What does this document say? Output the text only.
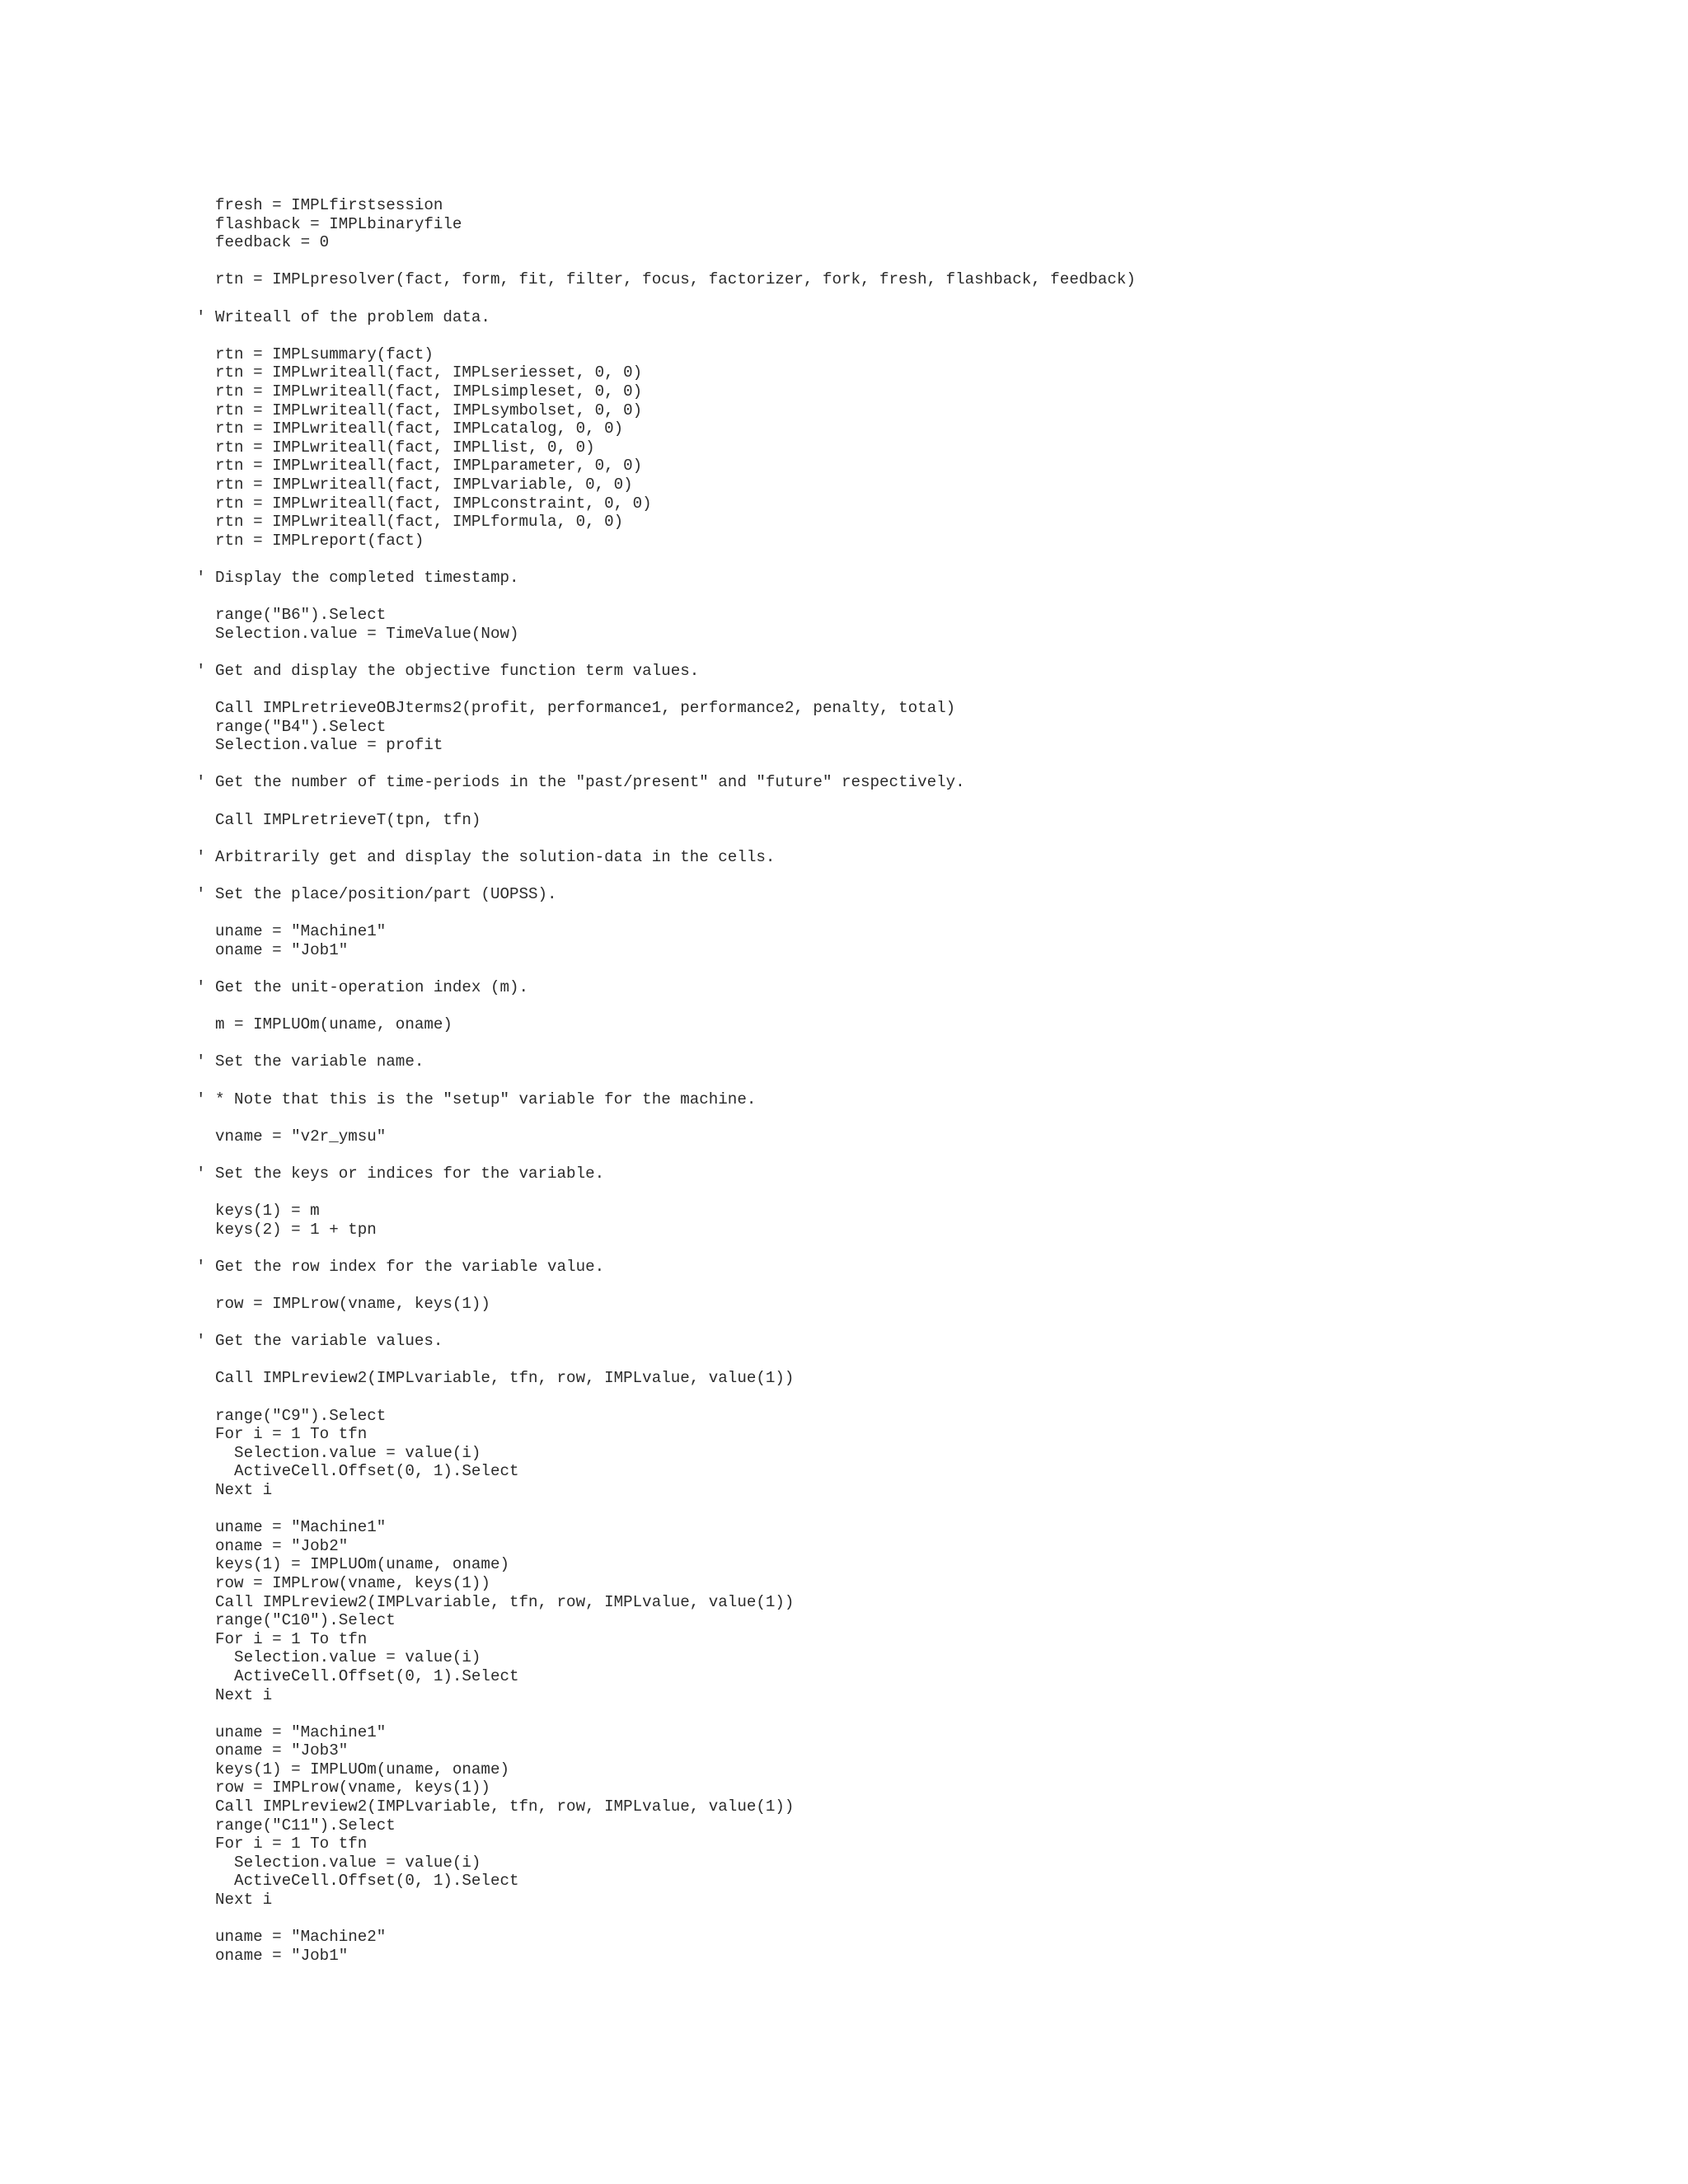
fresh = IMPLfirstsession
flashback = IMPLbinaryfile
feedback = 0
rtn = IMPLpresolver(fact, form, fit, filter, focus, factorizer, fork, fresh, flashback, feedback)
' Writeall of the problem data.
rtn = IMPLsummary(fact)
rtn = IMPLwriteall(fact, IMPLseriesset, 0, 0)
rtn = IMPLwriteall(fact, IMPLsimpleset, 0, 0)
rtn = IMPLwriteall(fact, IMPLsymbolset, 0, 0)
rtn = IMPLwriteall(fact, IMPLcatalog, 0, 0)
rtn = IMPLwriteall(fact, IMPLlist, 0, 0)
rtn = IMPLwriteall(fact, IMPLparameter, 0, 0)
rtn = IMPLwriteall(fact, IMPLvariable, 0, 0)
rtn = IMPLwriteall(fact, IMPLconstraint, 0, 0)
rtn = IMPLwriteall(fact, IMPLformula, 0, 0)
rtn = IMPLreport(fact)
' Display the completed timestamp.
range("B6").Select
Selection.value = TimeValue(Now)
' Get and display the objective function term values.
Call IMPLretrieveOBJterms2(profit, performance1, performance2, penalty, total)
range("B4").Select
Selection.value = profit
' Get the number of time-periods in the "past/present" and "future" respectively.
Call IMPLretrieveT(tpn, tfn)
' Arbitrarily get and display the solution-data in the cells.
' Set the place/position/part (UOPSS).
uname = "Machine1"
oname = "Job1"
' Get the unit-operation index (m).
m = IMPLUOm(uname, oname)
' Set the variable name.
' * Note that this is the "setup" variable for the machine.
vname = "v2r_ymsu"
' Set the keys or indices for the variable.
keys(1) = m
keys(2) = 1 + tpn
' Get the row index for the variable value.
row = IMPLrow(vname, keys(1))
' Get the variable values.
Call IMPLreview2(IMPLvariable, tfn, row, IMPLvalue, value(1))
range("C9").Select
For i = 1 To tfn
Selection.value = value(i)
ActiveCell.Offset(0, 1).Select
Next i
uname = "Machine1"
oname = "Job2"
keys(1) = IMPLUOm(uname, oname)
row = IMPLrow(vname, keys(1))
Call IMPLreview2(IMPLvariable, tfn, row, IMPLvalue, value(1))
range("C10").Select
For i = 1 To tfn
Selection.value = value(i)
ActiveCell.Offset(0, 1).Select
Next i
uname = "Machine1"
oname = "Job3"
keys(1) = IMPLUOm(uname, oname)
row = IMPLrow(vname, keys(1))
Call IMPLreview2(IMPLvariable, tfn, row, IMPLvalue, value(1))
range("C11").Select
For i = 1 To tfn
Selection.value = value(i)
ActiveCell.Offset(0, 1).Select
Next i
uname = "Machine2"
oname = "Job1"
